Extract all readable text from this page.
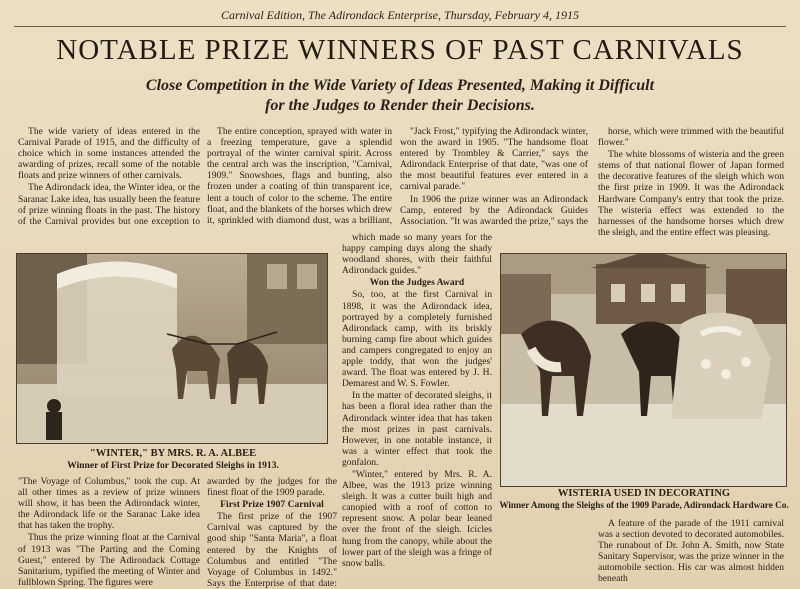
Carnival Edition, The Adirondack Enterprise, Thursday, February 4, 1915
NOTABLE PRIZE WINNERS OF PAST CARNIVALS
Close Competition in the Wide Variety of Ideas Presented, Making it Difficult
for the Judges to Render their Decisions.

The wide variety of ideas entered in the Carnival Parade of 1915, and the difficulty of choice which in some instances attended the awarding of prizes, recall some of the notable floats and prize winners of other carnivals.

The Adirondack idea, the Winter idea, or the Saranac Lake idea, has usually been the feature of prize winning floats in the past. The history of the Carnival provides but one exception to

The entire conception, sprayed with water in a freezing temperature, gave a splendid portrayal of the winter carnival spirit. Across the central arch was the inscription, "Carnival, 1909." Snowshoes, flags and bunting, also frozen under a coating of thin transparent ice, lent a touch of color to the scheme. The entire float, and the blankets of the horses which drew it, sprinkled with diamond dust, was a brilliant,

"Jack Frost," typifying the Adirondack winter, won the award in 1905. "The handsome float entered by Trombley & Carrier," says the Adirondack Enterprise of that date, "was one of the most beautiful features ever entered in a carnival parade."

In 1906 the prize winner was an Adirondack Camp, entered by the Adirondack Guides Association. "It was awarded the prize," says the

horse, which were trimmed with the beautiful flower."

The white blossoms of wisteria and the green stems of that national flower of Japan formed the decorative features of the sleigh which won the first prize in 1909. It was the Adirondack Hardware Company's entry that took the prize. The wisteria effect was extended to the harnesses of the handsome horses which drew the sleigh, and the entire effect was pleasing.

"WINTER," BY MRS. R. A. ALBEE
Winner of First Prize for Decorated Sleighs in 1913.

which made so many years for the happy camping days along the shady woodland shores, with their faithful Adirondack guides."

Won the Judges Award

So, too, at the first Carnival in 1898, it was the Adirondack idea, portrayed by a completely furnished Adirondack camp, with its briskly burning camp fire about which guides and campers congregated to enjoy an apple toddy, that won the judges' award. The float was entered by J. H. Demarest and W. S. Fowler.

In the matter of decorated sleighs, it has been a floral idea rather than the Adirondack winter idea that has taken the most prizes in past carnivals. However, in one notable instance, it was a winter effect that took the gonfalon.

"Winter," entered by Mrs. R. A. Albee, was the 1913 prize winning sleigh. It was a cutter built high and canopied with a roof of cotton to represent snow. A polar bear leaned over the front of the sleigh. Icicles hung from the canopy, while about the lower part of the sleigh was a fringe of snow balls.

WISTERIA USED IN DECORATING
Winner Among the Sleighs of the 1909 Parade, Adirondack Hardware Co.

"The Voyage of Columbus," took the cup. At all other times as a review of prize winners will show, it has been the Adirondack winter, the Adirondack life or the Saranac Lake idea that has taken the trophy.

Thus the prize winning float at the Carnival of 1913 was "The Parting and the Coming Guest," entered by The Adirondack Cottage Sanitarium, typified the meeting of Winter and fullblown Spring. The figures were

awarded by the judges for the finest float of the 1909 parade.

First Prize 1907 Carnival

The first prize of the 1907 Carnival was captured by the good ship "Santa Maria", a float entered by the Knights of Columbus and entitled "The Voyage of Columbus in 1492." Says the Enterprise of that date:

A feature of the parade of the 1911 carnival was a section devoted to decorated automobiles. The runabout of Dr. John A. Smith, now State Sanitary Supervisor, was the prize winner in the automobile section. His car was almost hidden beneath
